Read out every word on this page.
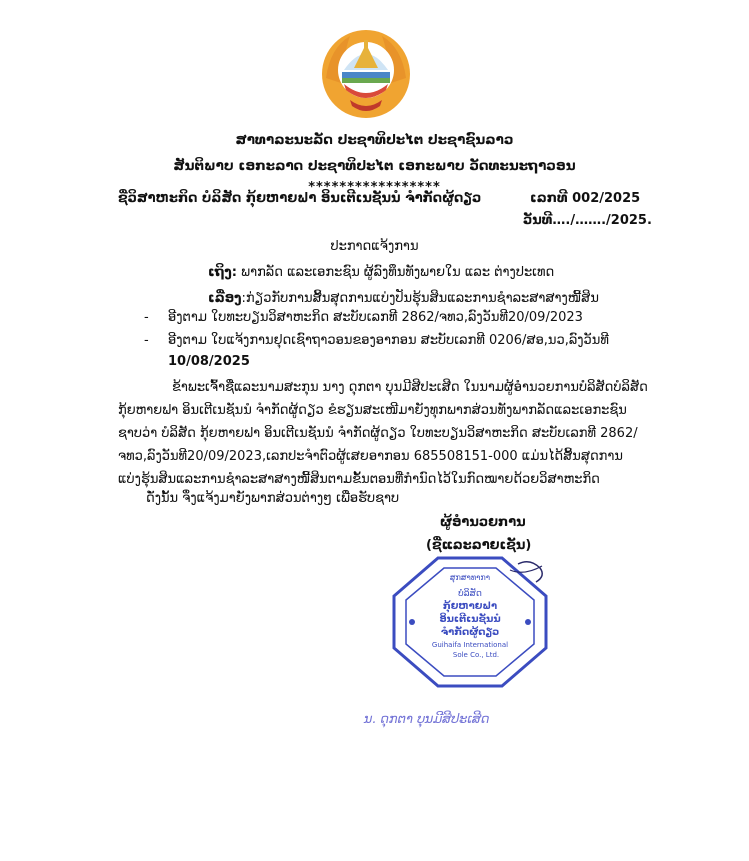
ສາທາລະນະລັດ ປະຊາທິປະໄຕ ປະຊາຊົນລາວ
ສັນຕິພາບ ເອກະລາດ ປະຊາທິປະໄຕ ເອກະພາບ ວັດທະນະຖາວອນ
*****************
ຊື່ວິສາຫະກິດ ບໍລິສັດ ກຸ້ຍຫາຍຟາ ອິນເຕີເນຊັນນໍ ຈຳກັດຜູ້ດຽວ	ເລກທີ 002/2025
ວັນທີ…./……./2025.
ປະກາດແຈ້ງການ
ເຖິງ: ພາກລັດ ແລະເອກະຊົນ ຜູ້ລົງທຶນທັງພາຍໃນ ແລະ ຕ່າງປະເທດ
ເລື່ອງ:ກ່ຽວກັບການສິ້ນສຸດການແບ່ງປັນຮຸ້ນສິນແລະການຊຳລະສາສາງໜີ້ສິນ
- ອີງຕາມ ໃບທະບຽນວິສາຫະກິດ ສະບັບເລກທີ 2862/ຈທວ,ລົງວັນທີ20/09/2023
- ອີງຕາມ ໃບແຈ້ງການຢຸດເຊົາຖາວອນຂອງອາກອນ ສະບັບເລກທີ 0206/ສອ,ນວ,ລົງວັນທີ
10/08/2025
ຂ້າພະເຈົ້າຊື່ແລະນາມສະກຸນ ນາງ ດຸກຕາ ບຸນມີສີປະເສີດ ໃນນາມຜູ້ອຳນວຍການບໍລິສັດບໍລິສັດ
ກຸ້ຍຫາຍຟາ ອິນເຕີເນຊັນນໍ ຈຳກັດຜູ້ດຽວ ຂໍຮຽນສະເໜີມາຍັງທຸກພາກສ່ວນທັງພາກລັດແລະເອກະຊົນ
ຊາບວ່າ ບໍລິສັດ ກຸ້ຍຫາຍຟາ ອິນເຕີເນຊັນນໍ ຈຳກັດຜູ້ດຽວ ໃບທະບຽນວິສາຫະກິດ ສະບັບເລກທີ 2862/
ຈທວ,ລົງວັນທີ20/09/2023,ເລກປະຈຳຕົວຜູ້ເສຍອາກອນ 685508151-000 ແມ່ນໄດ້ສິ້ນສຸດການ
ແບ່ງຮຸ້ນສິນແລະການຊຳລະສາສາງໜີ້ສິນຕາມຂັ້ນຕອນທີ່ກຳນົດໄວ້ໃນກົດໝາຍດ້ວຍວິສາຫະກິດ
ດັ່ງນັ້ນ ຈຶ່ງແຈ້ງມາຍັງພາກສ່ວນຕ່າງໆ ເພື່ອຮັບຊາບ
ຜູ້ອຳນວຍການ
(ຊື່ແລະລາຍເຊັນ)
ສຸກສາທາກາ
ບໍລິສັດ
ກຸ້ຍຫາຍຟາ
ອິນເຕີເນຊັນນໍ
ຈຳກັດຜູ້ດຽວ
Guihaifa International
Sole Co., Ltd.
ນ. ດຸກຕາ ບຸນມີສີປະເສີດ
